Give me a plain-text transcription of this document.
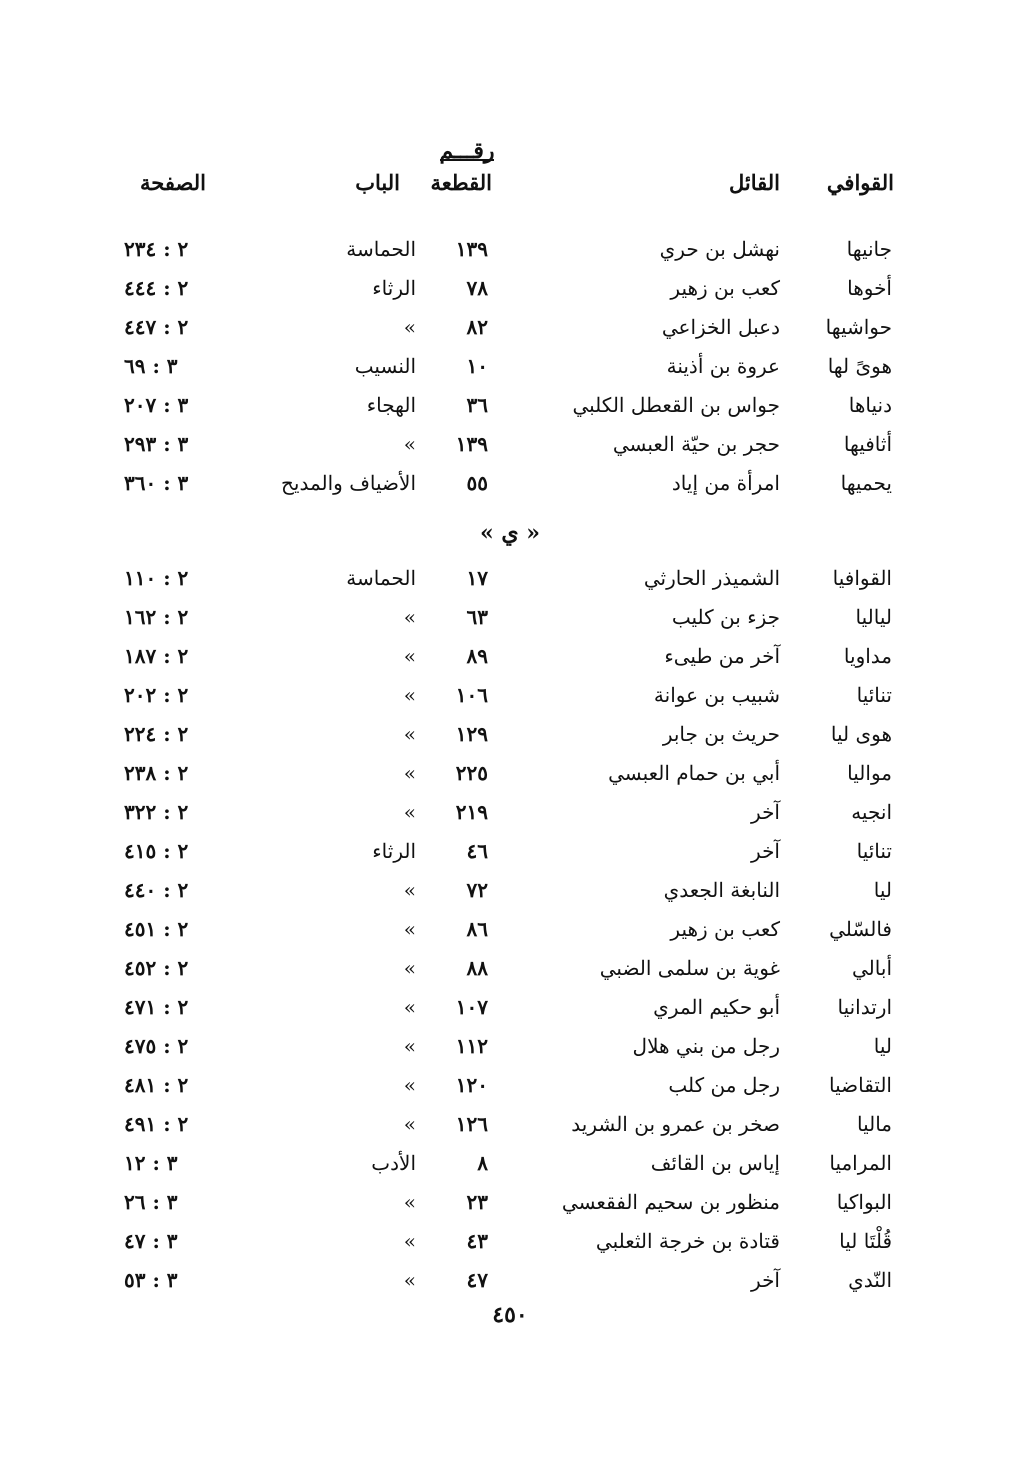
رقـــم
القوافي
القائل
القطعة
الباب
الصفحة
جانيها
نهشل بن حري
١٣٩
الحماسة
٢ : ٢٣٤
أخوها
كعب بن زهير
٧٨
الرثاء
٢ : ٤٤٤
حواشيها
دعبل الخزاعي
٨٢
»
٢ : ٤٤٧
هوىً لها
عروة بن أذينة
١٠
النسيب
٣ : ٦٩
دنياها
جواس بن القعطل الكلبي
٣٦
الهجاء
٣ : ٢٠٧
أثافيها
حجر بن حيّة العبسي
١٣٩
»
٣ : ٢٩٣
يحميها
امرأة من إياد
٥٥
الأضياف والمديح
٣ : ٣٦٠
« ي »
القوافيا
الشميذر الحارثي
١٧
الحماسة
٢ : ١١٠
لياليا
جزء بن كليب
٦٣
»
٢ : ١٦٢
مداويا
آخر من طيىء
٨٩
»
٢ : ١٨٧
تنائيا
شبيب بن عوانة
١٠٦
»
٢ : ٢٠٢
هوى ليا
حريث بن جابر
١٢٩
»
٢ : ٢٢٤
مواليا
أبي بن حمام العبسي
٢٢٥
»
٢ : ٢٣٨
انجيه
آخر
٢١٩
»
٢ : ٣٢٢
تنائيا
آخر
٤٦
الرثاء
٢ : ٤١٥
ليا
النابغة الجعدي
٧٢
»
٢ : ٤٤٠
فالسّلي
كعب بن زهير
٨٦
»
٢ : ٤٥١
أبالي
غوية بن سلمى الضبي
٨٨
»
٢ : ٤٥٢
ارتدانيا
أبو حكيم المري
١٠٧
»
٢ : ٤٧١
ليا
رجل من بني هلال
١١٢
»
٢ : ٤٧٥
التقاضيا
رجل من كلب
١٢٠
»
٢ : ٤٨١
ماليا
صخر بن عمرو بن الشريد
١٢٦
»
٢ : ٤٩١
المراميا
إياس بن القائف
٨
الأدب
٣ : ١٢
البواكيا
منظور بن سحيم الفقعسي
٢٣
»
٣ : ٢٦
قُلْتَا ليا
قتادة بن خرجة الثعلبي
٤٣
»
٣ : ٤٧
النّدي
آخر
٤٧
»
٣ : ٥٣
٤٥٠
